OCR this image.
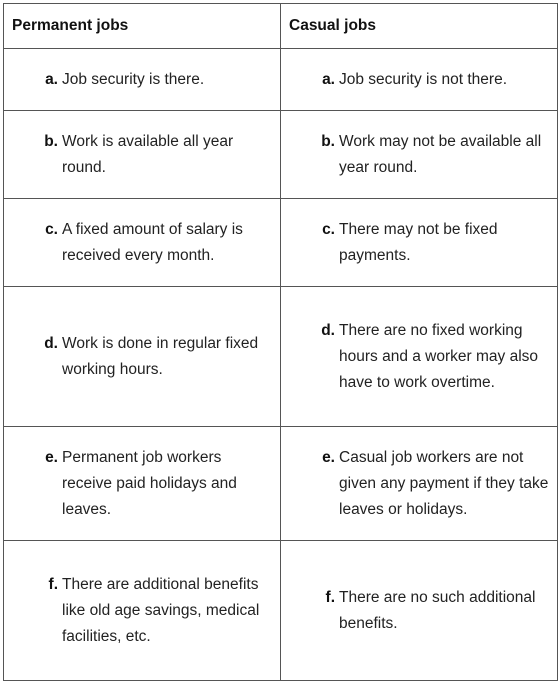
Permanent jobs	Casual jobs

a. Job security is there.	a. Job security is not there.

b. Work is available all year round.	b. Work may not be available all year round.

c. A fixed amount of salary is received every month.	c. There may not be fixed payments.

d. Work is done in regular fixed working hours.	d. There are no fixed working hours and a worker may also have to work overtime.

e. Permanent job workers receive paid holidays and leaves.	e. Casual job workers are not given any payment if they take leaves or holidays.

f. There are additional benefits like old age savings, medical facilities, etc.	f. There are no such additional benefits.
